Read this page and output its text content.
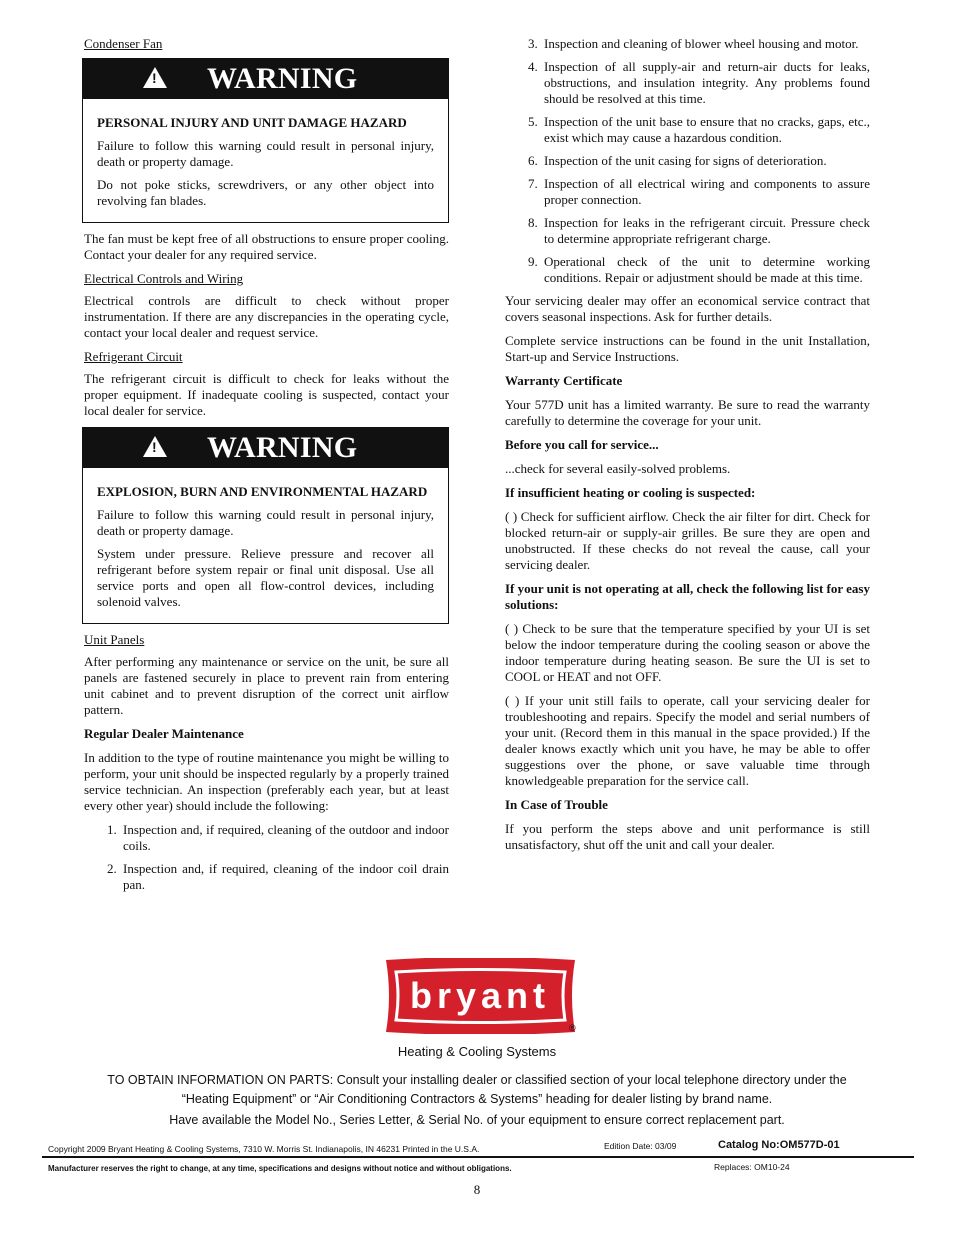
Condenser Fan
! WARNING

PERSONAL INJURY AND UNIT DAMAGE HAZARD

Failure to follow this warning could result in personal injury, death or property damage.

Do not poke sticks, screwdrivers, or any other object into revolving fan blades.

The fan must be kept free of all obstructions to ensure proper cooling. Contact your dealer for any required service.

Electrical Controls and Wiring

Electrical controls are difficult to check without proper instrumentation. If there are any discrepancies in the operating cycle, contact your local dealer and request service.

Refrigerant Circuit

The refrigerant circuit is difficult to check for leaks without the proper equipment. If inadequate cooling is suspected, contact your local dealer for service.

! WARNING

EXPLOSION, BURN AND ENVIRONMENTAL HAZARD

Failure to follow this warning could result in personal injury, death or property damage.

System under pressure. Relieve pressure and recover all refrigerant before system repair or final unit disposal. Use all service ports and open all flow-control devices, including solenoid valves.

Unit Panels

After performing any maintenance or service on the unit, be sure all panels are fastened securely in place to prevent rain from entering unit cabinet and to prevent disruption of the correct unit airflow pattern.

Regular Dealer Maintenance

In addition to the type of routine maintenance you might be willing to perform, your unit should be inspected regularly by a properly trained service technician. An inspection (preferably each year, but at least every other year) should include the following:

1. Inspection and, if required, cleaning of the outdoor and indoor coils.
2. Inspection and, if required, cleaning of the indoor coil drain pan.
3. Inspection and cleaning of blower wheel housing and motor.
4. Inspection of all supply-air and return-air ducts for leaks, obstructions, and insulation integrity. Any problems found should be resolved at this time.
5. Inspection of the unit base to ensure that no cracks, gaps, etc., exist which may cause a hazardous condition.
6. Inspection of the unit casing for signs of deterioration.
7. Inspection of all electrical wiring and components to assure proper connection.
8. Inspection for leaks in the refrigerant circuit. Pressure check to determine appropriate refrigerant charge.
9. Operational check of the unit to determine working conditions. Repair or adjustment should be made at this time.

Your servicing dealer may offer an economical service contract that covers seasonal inspections. Ask for further details.

Complete service instructions can be found in the unit Installation, Start-up and Service Instructions.

Warranty Certificate

Your 577D unit has a limited warranty. Be sure to read the warranty carefully to determine the coverage for your unit.

Before you call for service...

...check for several easily-solved problems.

If insufficient heating or cooling is suspected:

( ) Check for sufficient airflow. Check the air filter for dirt. Check for blocked return-air or supply-air grilles. Be sure they are open and unobstructed. If these checks do not reveal the cause, call your servicing dealer.

If your unit is not operating at all, check the following list for easy solutions:

( ) Check to be sure that the temperature specified by your UI is set below the indoor temperature during the cooling season or above the indoor temperature during heating season. Be sure the UI is set to COOL or HEAT and not OFF.

( ) If your unit still fails to operate, call your servicing dealer for troubleshooting and repairs. Specify the model and serial numbers of your unit. (Record them in this manual in the space provided.) If the dealer knows exactly which unit you have, he may be able to offer suggestions over the phone, or save valuable time through knowledgeable preparation for the service call.

In Case of Trouble

If you perform the steps above and unit performance is still unsatisfactory, shut off the unit and call your dealer.

bryant
®
Heating & Cooling Systems
TO OBTAIN INFORMATION ON PARTS: Consult your installing dealer or classified section of your local telephone directory under the
“Heating Equipment” or “Air Conditioning Contractors & Systems” heading for dealer listing by brand name.
Have available the Model No., Series Letter, & Serial No. of your equipment to ensure correct replacement part.
Copyright 2009 Bryant Heating & Cooling Systems, 7310 W. Morris St. Indianapolis, IN 46231 Printed in the U.S.A.	Edition Date: 03/09	Catalog No:OM577D-01
Manufacturer reserves the right to change, at any time, specifications and designs without notice and without obligations.	Replaces: OM10-24
8
